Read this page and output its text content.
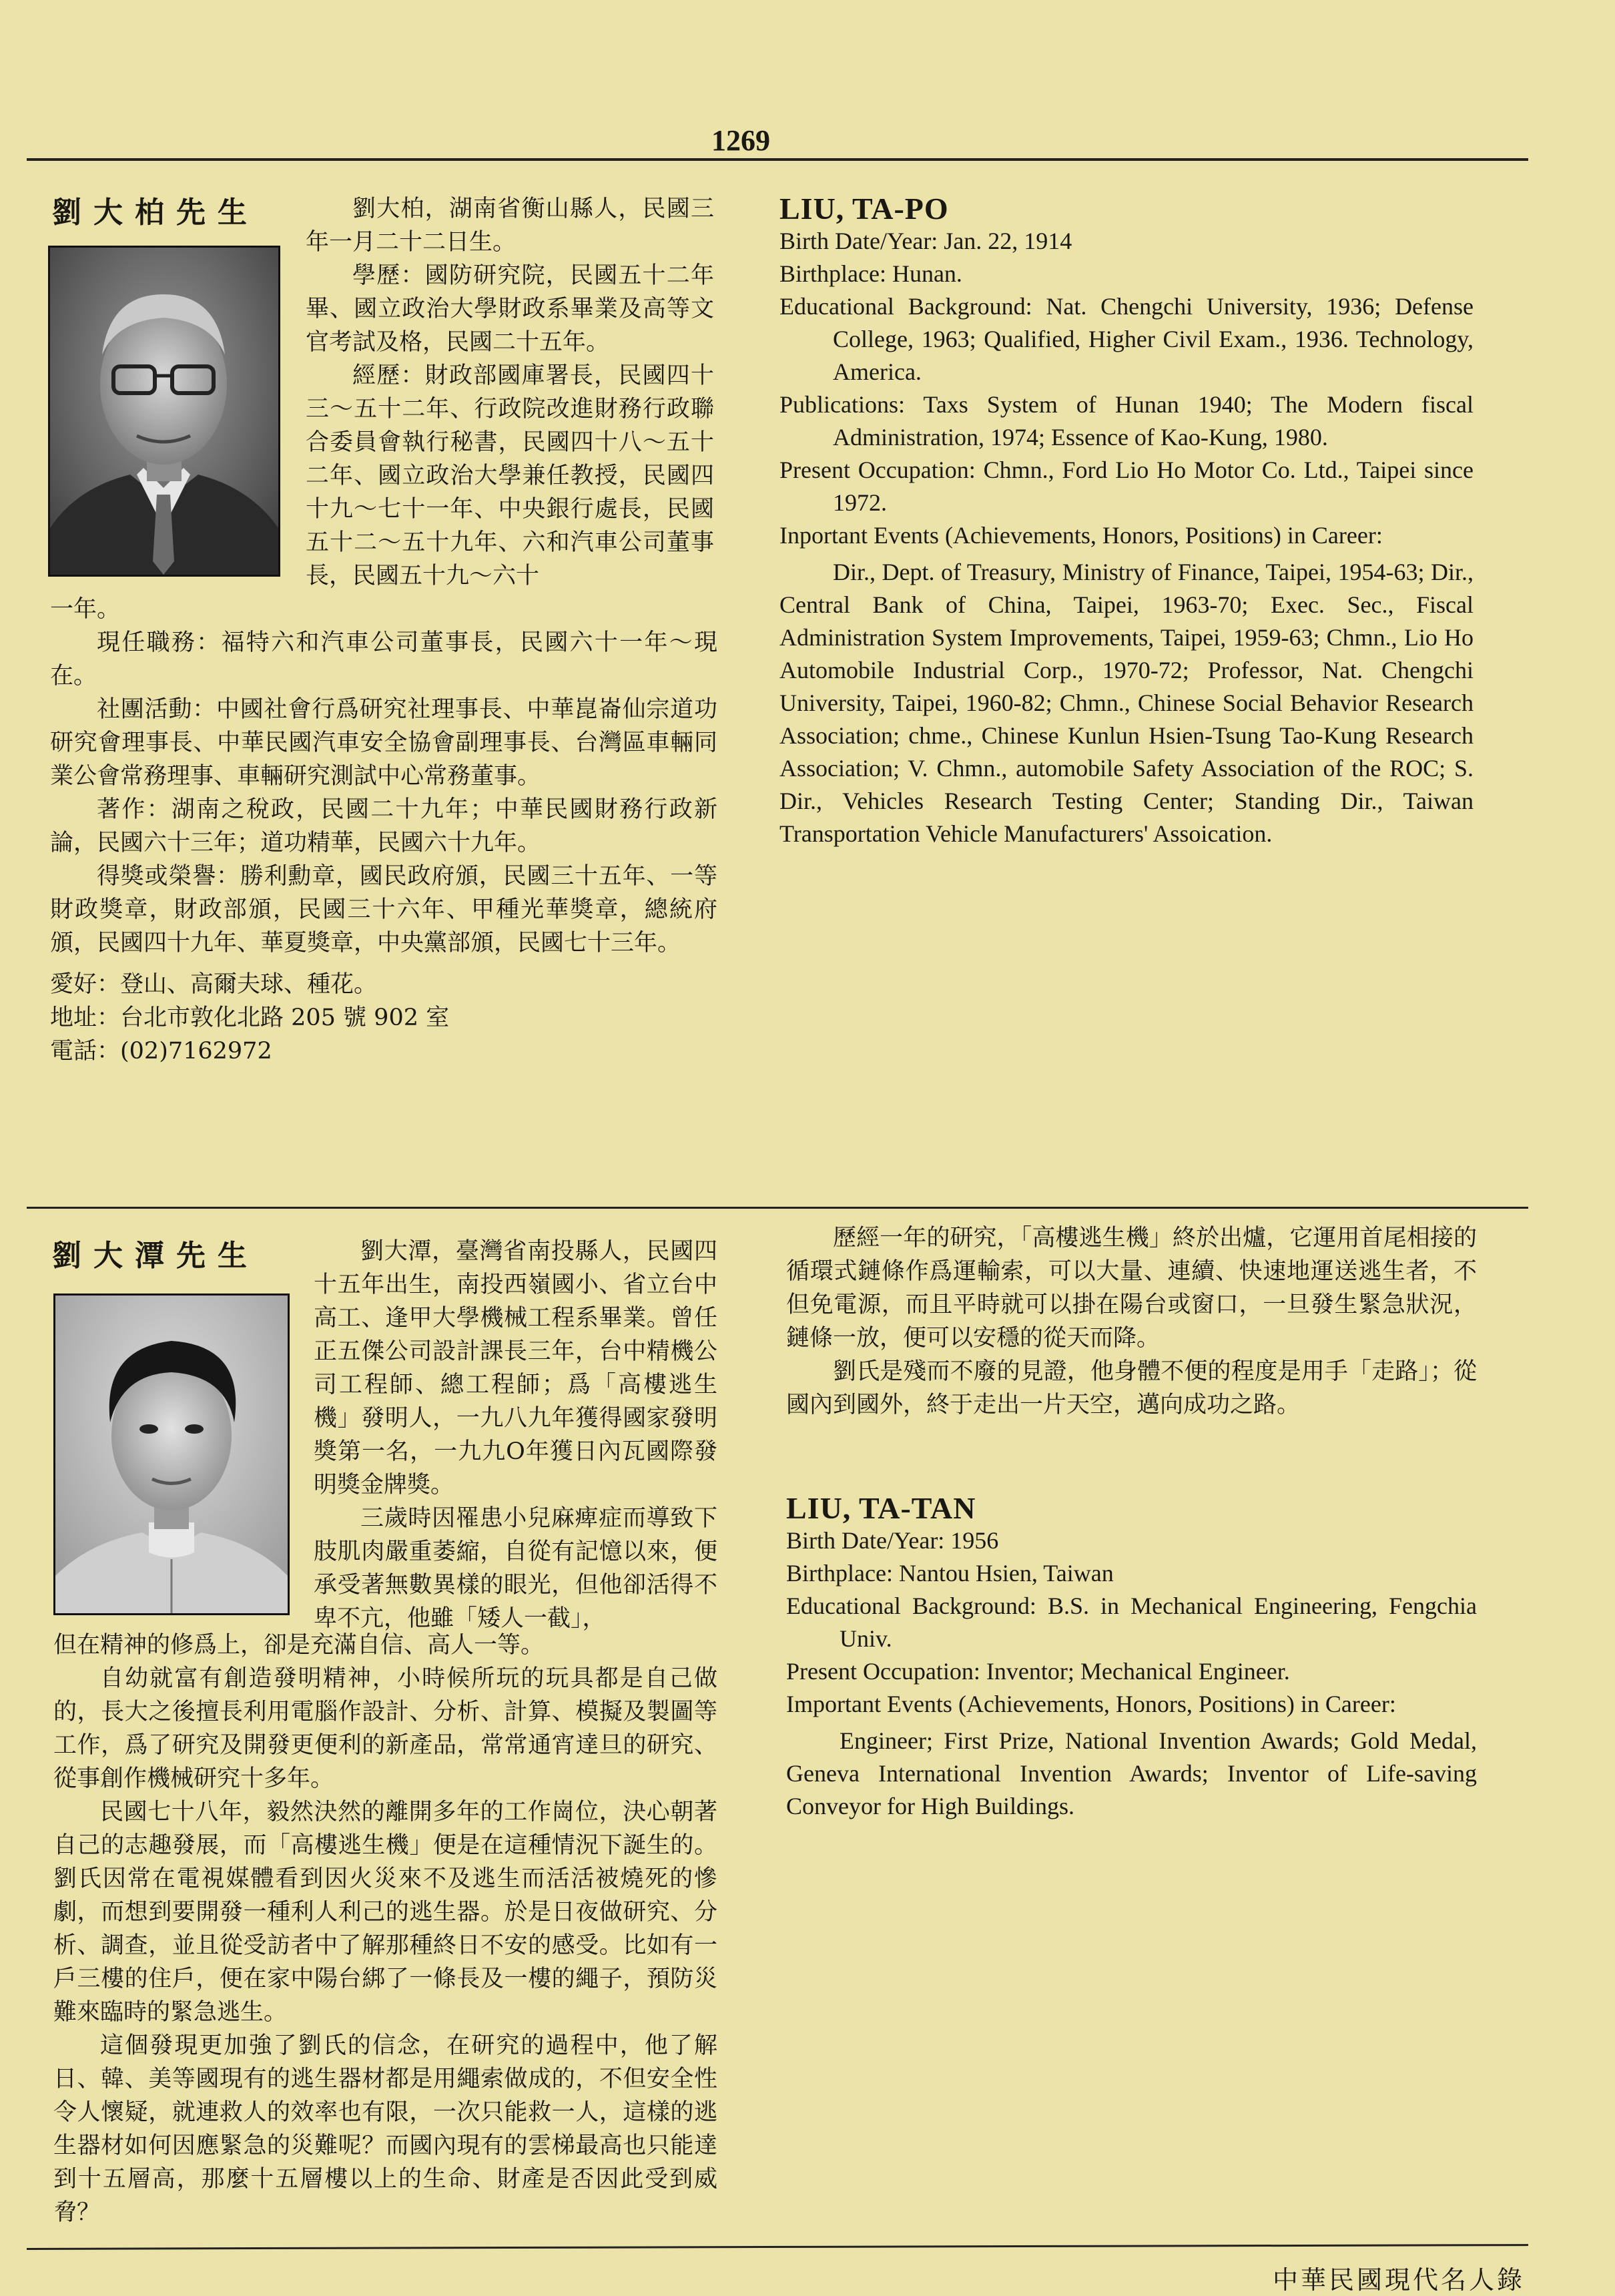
1269
劉大柏先生	劉大柏，湖南省衡山縣人，民國三年一月二十二日生。

學歷：國防研究院，民國五十二年畢、國立政治大學財政系畢業及高等文官考試及格，民國二十五年。

經歷：財政部國庫署長，民國四十三～五十二年、行政院改進財務行政聯合委員會執行秘書，民國四十八～五十二年、國立政治大學兼任教授，民國四十九～七十一年、中央銀行處長，民國五十二～五十九年、六和汽車公司董事長，民國五十九～六十

一年。

現任職務：福特六和汽車公司董事長，民國六十一年～現在。

社團活動：中國社會行爲研究社理事長、中華崑崙仙宗道功研究會理事長、中華民國汽車安全協會副理事長、台灣區車輛同業公會常務理事、車輛研究測試中心常務董事。

著作：湖南之稅政，民國二十九年；中華民國財務行政新論，民國六十三年；道功精華，民國六十九年。

得獎或榮譽：勝利勳章，國民政府頒，民國三十五年、一等財政獎章，財政部頒，民國三十六年、甲種光華獎章，總統府頒，民國四十九年、華夏獎章，中央黨部頒，民國七十三年。

愛好：登山、高爾夫球、種花。

地址：台北市敦化北路 205 號 902 室

電話：(02)7162972

LIU, TA-PO

Birth Date/Year: Jan. 22, 1914

Birthplace: Hunan.

Educational Background: Nat. Chengchi University, 1936; Defense College, 1963; Qualified, Higher Civil Exam., 1936. Technology, America.

Publications: Taxs System of Hunan 1940; The Modern fiscal Administration, 1974; Essence of Kao-Kung, 1980.

Present Occupation: Chmn., Ford Lio Ho Motor Co. Ltd., Taipei since 1972.

Inportant Events (Achievements, Honors, Positions) in Career:

Dir., Dept. of Treasury, Ministry of Finance, Taipei, 1954-63; Dir., Central Bank of China, Taipei, 1963-70; Exec. Sec., Fiscal Administration System Improvements, Taipei, 1959-63; Chmn., Lio Ho Automobile Industrial Corp., 1970-72; Professor, Nat. Chengchi University, Taipei, 1960-82; Chmn., Chinese Social Behavior Research Association; chme., Chinese Kunlun Hsien-Tsung Tao-Kung Research Association; V. Chmn., automobile Safety Association of the ROC; S. Dir., Vehicles Research Testing Center; Standing Dir., Taiwan Transportation Vehicle Manufacturers' Assoication.

劉大潭先生	劉大潭，臺灣省南投縣人，民國四十五年出生，南投西嶺國小、省立台中高工、逢甲大學機械工程系畢業。曾任正五傑公司設計課長三年，台中精機公司工程師、總工程師；爲「高樓逃生機」發明人，一九八九年獲得國家發明獎第一名，一九九O年獲日內瓦國際發明獎金牌獎。

三歲時因罹患小兒麻痺症而導致下肢肌肉嚴重萎縮，自從有記憶以來，便承受著無數異樣的眼光，但他卻活得不卑不亢，他雖「矮人一截」，

但在精神的修爲上，卻是充滿自信、高人一等。

自幼就富有創造發明精神，小時候所玩的玩具都是自己做的，長大之後擅長利用電腦作設計、分析、計算、模擬及製圖等工作，爲了研究及開發更便利的新產品，常常通宵達旦的研究、從事創作機械研究十多年。

民國七十八年，毅然決然的離開多年的工作崗位，決心朝著自己的志趣發展，而「高樓逃生機」便是在這種情況下誕生的。劉氏因常在電視媒體看到因火災來不及逃生而活活被燒死的慘劇，而想到要開發一種利人利己的逃生器。於是日夜做研究、分析、調查，並且從受訪者中了解那種終日不安的感受。比如有一戶三樓的住戶，便在家中陽台綁了一條長及一樓的繩子，預防災難來臨時的緊急逃生。

這個發現更加強了劉氏的信念，在研究的過程中，他了解日、韓、美等國現有的逃生器材都是用繩索做成的，不但安全性令人懷疑，就連救人的效率也有限，一次只能救一人，這樣的逃生器材如何因應緊急的災難呢？而國內現有的雲梯最高也只能達到十五層高，那麼十五層樓以上的生命、財產是否因此受到威脅？

歷經一年的研究，「高樓逃生機」終於出爐，它運用首尾相接的循環式鏈條作爲運輸索，可以大量、連續、快速地運送逃生者，不但免電源，而且平時就可以掛在陽台或窗口，一旦發生緊急狀況，鏈條一放，便可以安穩的從天而降。

劉氏是殘而不廢的見證，他身體不便的程度是用手「走路」；從國內到國外，終于走出一片天空，邁向成功之路。

LIU, TA-TAN

Birth Date/Year: 1956

Birthplace: Nantou Hsien, Taiwan

Educational Background: B.S. in Mechanical Engineering, Fengchia Univ.

Present Occupation: Inventor; Mechanical Engineer.

Important Events (Achievements, Honors, Positions) in Career:

Engineer; First Prize, National Invention Awards; Gold Medal, Geneva International Invention Awards; Inventor of Life-saving Conveyor for High Buildings.

中華民國現代名人錄
